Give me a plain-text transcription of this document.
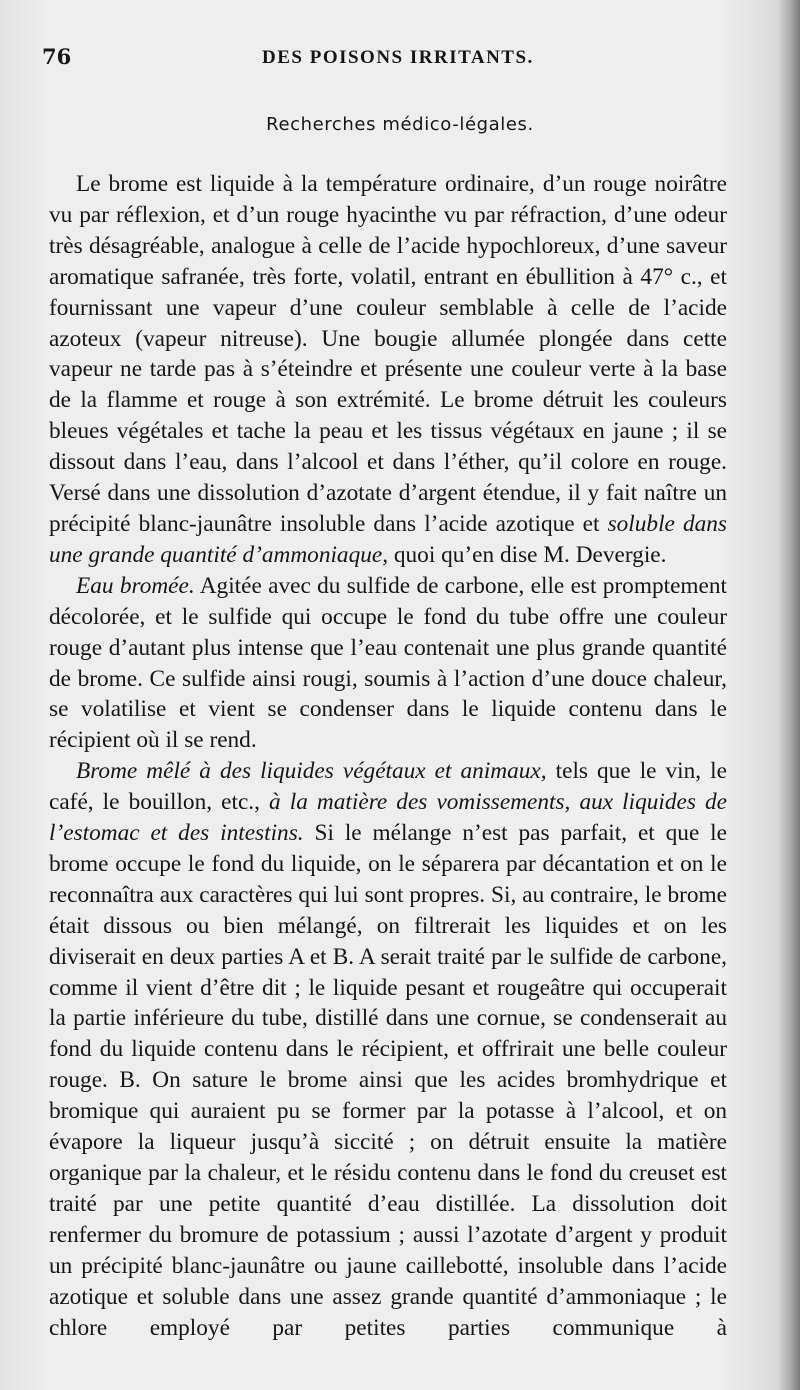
76	DES POISONS IRRITANTS.
Recherches médico-légales.

Le brome est liquide à la température ordinaire, d’un rouge noirâtre vu par réflexion, et d’un rouge hyacinthe vu par réfraction, d’une odeur très désagréable, analogue à celle de l’acide hypochloreux, d’une saveur aromatique safranée, très forte, volatil, entrant en ébullition à 47° c., et fournissant une vapeur d’une couleur semblable à celle de l’acide azoteux (vapeur nitreuse). Une bougie allumée plongée dans cette vapeur ne tarde pas à s’éteindre et présente une couleur verte à la base de la flamme et rouge à son extrémité. Le brome détruit les couleurs bleues végétales et tache la peau et les tissus végétaux en jaune ; il se dissout dans l’eau, dans l’alcool et dans l’éther, qu’il colore en rouge. Versé dans une dissolution d’azotate d’argent étendue, il y fait naître un précipité blanc-jaunâtre insoluble dans l’acide azotique et soluble dans une grande quantité d’ammoniaque, quoi qu’en dise M. Devergie.

Eau bromée. Agitée avec du sulfide de carbone, elle est promptement décolorée, et le sulfide qui occupe le fond du tube offre une couleur rouge d’autant plus intense que l’eau contenait une plus grande quantité de brome. Ce sulfide ainsi rougi, soumis à l’action d’une douce chaleur, se volatilise et vient se condenser dans le liquide contenu dans le récipient où il se rend.

Brome mêlé à des liquides végétaux et animaux, tels que le vin, le café, le bouillon, etc., à la matière des vomissements, aux liquides de l’estomac et des intestins. Si le mélange n’est pas parfait, et que le brome occupe le fond du liquide, on le séparera par décantation et on le reconnaîtra aux caractères qui lui sont propres. Si, au contraire, le brome était dissous ou bien mélangé, on filtrerait les liquides et on les diviserait en deux parties A et B. A serait traité par le sulfide de carbone, comme il vient d’être dit ; le liquide pesant et rougeâtre qui occuperait la partie inférieure du tube, distillé dans une cornue, se condenserait au fond du liquide contenu dans le récipient, et offrirait une belle couleur rouge. B. On sature le brome ainsi que les acides bromhydrique et bromique qui auraient pu se former par la potasse à l’alcool, et on évapore la liqueur jusqu’à siccité ; on détruit ensuite la matière organique par la chaleur, et le résidu contenu dans le fond du creuset est traité par une petite quantité d’eau distillée. La dissolution doit renfermer du bromure de potassium ; aussi l’azotate d’argent y produit un précipité blanc-jaunâtre ou jaune caillebotté, insoluble dans l’acide azotique et soluble dans une assez grande quantité d’ammoniaque ; le chlore employé par petites parties communique à
